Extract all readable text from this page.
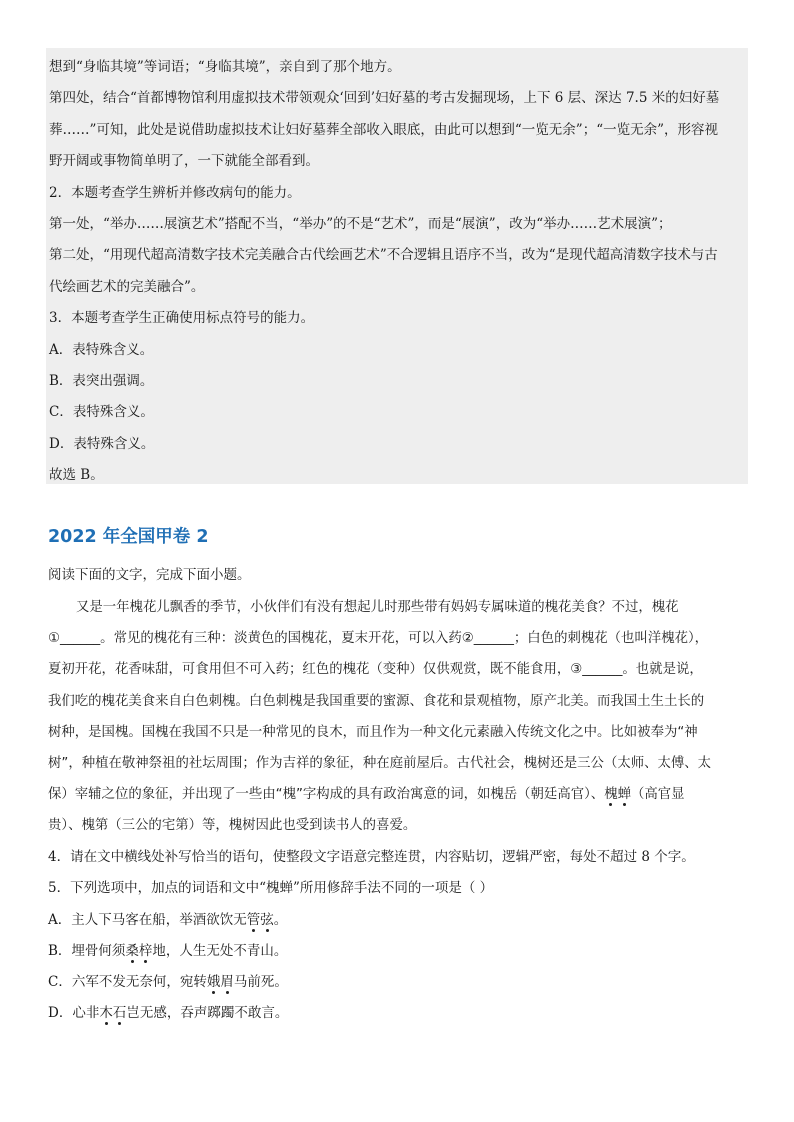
想到“身临其境”等词语；“身临其境”，亲自到了那个地方。

第四处，结合“首都博物馆利用虚拟技术带领观众‘回到’妇好墓的考古发掘现场，上下 6 层、深达 7.5 米的妇好墓

葬……”可知，此处是说借助虚拟技术让妇好墓葬全部收入眼底，由此可以想到“一览无余”；“一览无余”，形容视

野开阔或事物简单明了，一下就能全部看到。

2．本题考查学生辨析并修改病句的能力。

第一处，“举办……展演艺术”搭配不当，“举办”的不是“艺术”，而是“展演”，改为“举办……艺术展演”；

第二处，“用现代超高清数字技术完美融合古代绘画艺术”不合逻辑且语序不当，改为“是现代超高清数字技术与古

代绘画艺术的完美融合”。

3．本题考查学生正确使用标点符号的能力。

A．表特殊含义。

B．表突出强调。

C．表特殊含义。

D．表特殊含义。

故选 B。

2022 年全国甲卷 2

阅读下面的文字，完成下面小题。

又是一年槐花儿飘香的季节，小伙伴们有没有想起儿时那些带有妈妈专属味道的槐花美食？不过，槐花
①______。常见的槐花有三种：淡黄色的国槐花，夏末开花，可以入药②______；白色的刺槐花（也叫洋槐花），
夏初开花，花香味甜，可食用但不可入药；红色的槐花（变种）仅供观赏，既不能食用，③______。也就是说，
我们吃的槐花美食来自白色刺槐。白色刺槐是我国重要的蜜源、食花和景观植物，原产北美。而我国土生土长的
树种，是国槐。国槐在我国不只是一种常见的良木，而且作为一种文化元素融入传统文化之中。比如被奉为“神
树”，种植在敬神祭祖的社坛周围；作为吉祥的象征，种在庭前屋后。古代社会，槐树还是三公（太师、太傅、太
保）宰辅之位的象征，并出现了一些由“槐”字构成的具有政治寓意的词，如槐岳（朝廷高官）、槐蝉（高官显
贵）、槐第（三公的宅第）等，槐树因此也受到读书人的喜爱。

4．请在文中横线处补写恰当的语句，使整段文字语意完整连贯，内容贴切，逻辑严密，每处不超过 8 个字。

5．下列选项中，加点的词语和文中“槐蝉”所用修辞手法不同的一项是（ ）

A．主人下马客在船，举酒欲饮无管弦。

B．埋骨何须桑梓地，人生无处不青山。

C．六军不发无奈何，宛转娥眉马前死。

D．心非木石岂无感，吞声踯躅不敢言。
